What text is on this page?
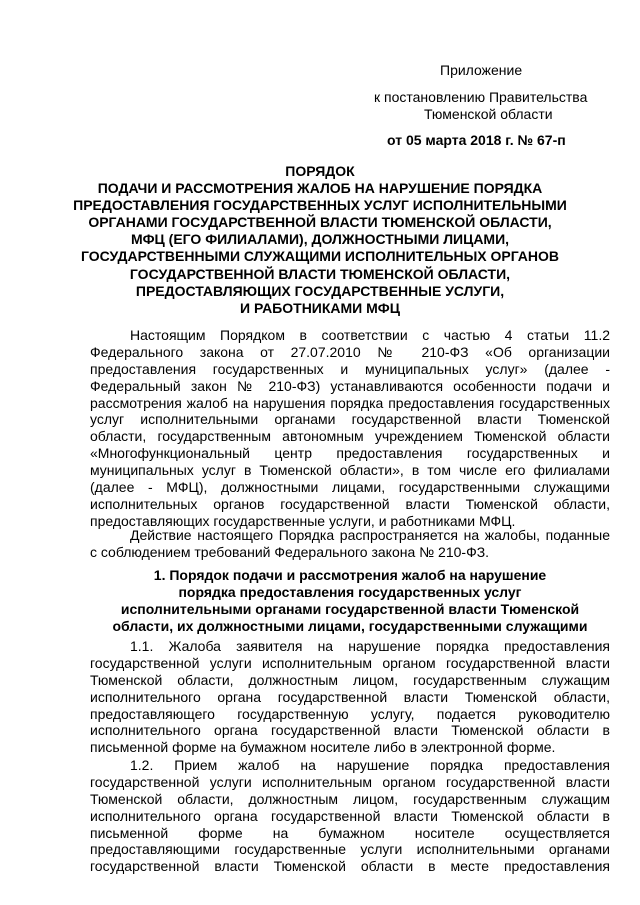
Приложение
к постановлению Правительства
Тюменской области
от 05 марта 2018 г. № 67-п
ПОРЯДОК
ПОДАЧИ И РАССМОТРЕНИЯ ЖАЛОБ НА НАРУШЕНИЕ ПОРЯДКА
ПРЕДОСТАВЛЕНИЯ ГОСУДАРСТВЕННЫХ УСЛУГ ИСПОЛНИТЕЛЬНЫМИ
ОРГАНАМИ ГОСУДАРСТВЕННОЙ ВЛАСТИ ТЮМЕНСКОЙ ОБЛАСТИ,
МФЦ (ЕГО ФИЛИАЛАМИ), ДОЛЖНОСТНЫМИ ЛИЦАМИ,
ГОСУДАРСТВЕННЫМИ СЛУЖАЩИМИ ИСПОЛНИТЕЛЬНЫХ ОРГАНОВ
ГОСУДАРСТВЕННОЙ ВЛАСТИ ТЮМЕНСКОЙ ОБЛАСТИ,
ПРЕДОСТАВЛЯЮЩИХ ГОСУДАРСТВЕННЫЕ УСЛУГИ,
И РАБОТНИКАМИ МФЦ
Настоящим Порядком в соответствии с частью 4 статьи 11.2
Федерального закона от 27.07.2010 № 210-ФЗ «Об организации
предоставления государственных и муниципальных услуг» (далее -
Федеральный закон № 210-ФЗ) устанавливаются особенности подачи и
рассмотрения жалоб на нарушения порядка предоставления государственных
услуг исполнительными органами государственной власти Тюменской
области, государственным автономным учреждением Тюменской области
«Многофункциональный центр предоставления государственных и
муниципальных услуг в Тюменской области», в том числе его филиалами
(далее - МФЦ), должностными лицами, государственными служащими
исполнительных органов государственной власти Тюменской области,
предоставляющих государственные услуги, и работниками МФЦ.
Действие настоящего Порядка распространяется на жалобы, поданные
с соблюдением требований Федерального закона № 210-ФЗ.
1. Порядок подачи и рассмотрения жалоб на нарушение
порядка предоставления государственных услуг
исполнительными органами государственной власти Тюменской
области, их должностными лицами, государственными служащими
1.1. Жалоба заявителя на нарушение порядка предоставления
государственной услуги исполнительным органом государственной власти
Тюменской области, должностным лицом, государственным служащим
исполнительного органа государственной власти Тюменской области,
предоставляющего государственную услугу, подается руководителю
исполнительного органа государственной власти Тюменской области в
письменной форме на бумажном носителе либо в электронной форме.
1.2. Прием жалоб на нарушение порядка предоставления
государственной услуги исполнительным органом государственной власти
Тюменской области, должностным лицом, государственным служащим
исполнительного органа государственной власти Тюменской области в
письменной форме на бумажном носителе осуществляется
предоставляющими государственные услуги исполнительными органами
государственной власти Тюменской области в месте предоставления
